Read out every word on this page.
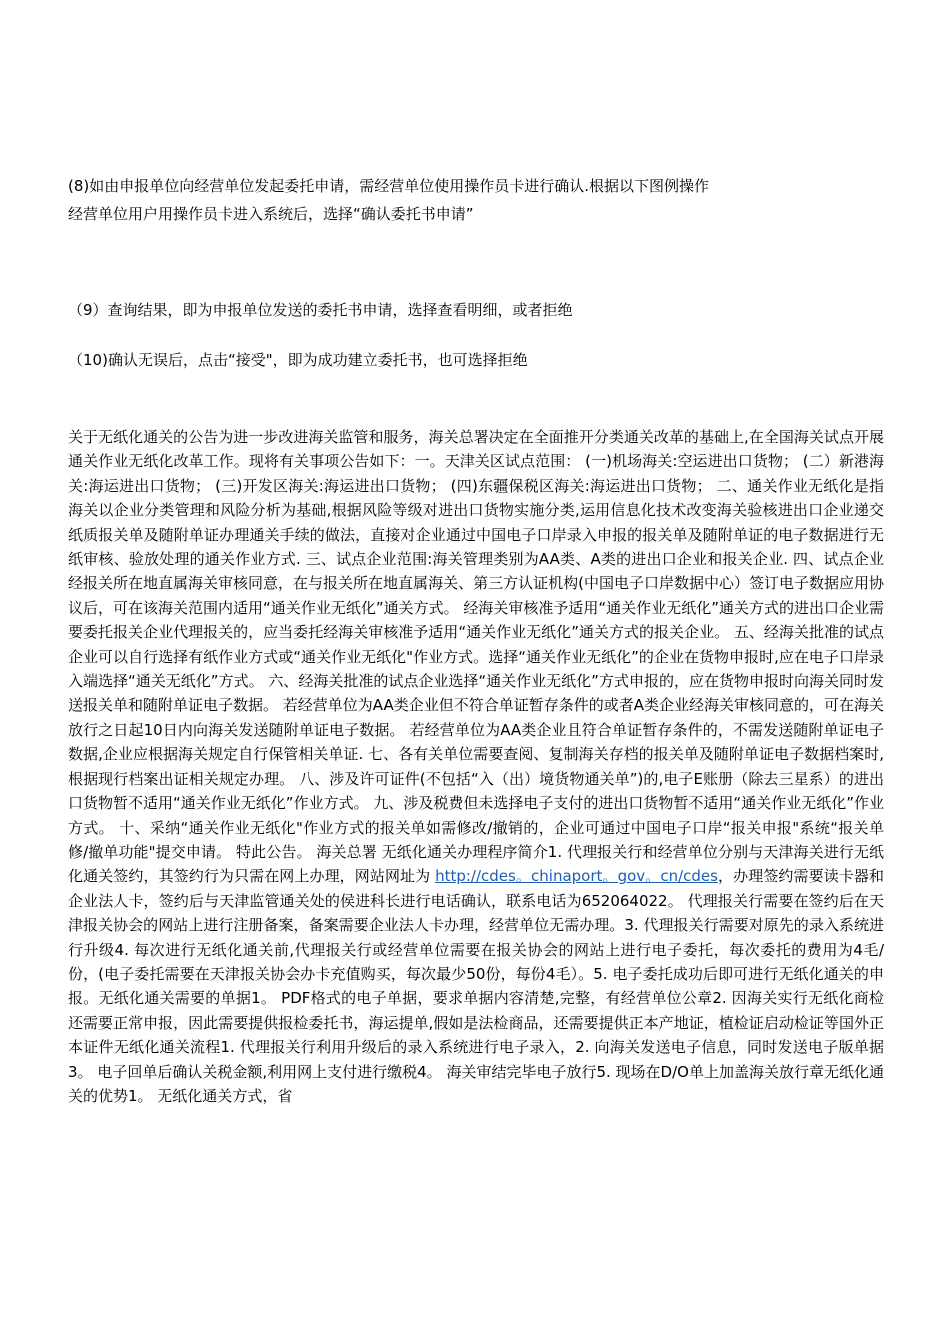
(8)如由申报单位向经营单位发起委托申请，需经营单位使用操作员卡进行确认.根据以下图例操作

经营单位用户用操作员卡进入系统后，选择“确认委托书申请”

（9）查询结果，即为申报单位发送的委托书申请，选择查看明细，或者拒绝

（10)确认无误后，点击“接受"，即为成功建立委托书，也可选择拒绝

关于无纸化通关的公告为进一步改进海关监管和服务，海关总署决定在全面推开分类通关改革的基础上,在全国海关试点开展通关作业无纸化改革工作。现将有关事项公告如下：一。天津关区试点范围： (一)机场海关:空运进出口货物； (二）新港海关:海运进出口货物； (三)开发区海关:海运进出口货物； (四)东疆保税区海关:海运进出口货物； 二、通关作业无纸化是指海关以企业分类管理和风险分析为基础,根据风险等级对进出口货物实施分类,运用信息化技术改变海关验核进出口企业递交纸质报关单及随附单证办理通关手续的做法，直接对企业通过中国电子口岸录入申报的报关单及随附单证的电子数据进行无纸审核、验放处理的通关作业方式. 三、试点企业范围:海关管理类别为AA类、A类的进出口企业和报关企业. 四、试点企业经报关所在地直属海关审核同意，在与报关所在地直属海关、第三方认证机构(中国电子口岸数据中心）签订电子数据应用协议后，可在该海关范围内适用“通关作业无纸化”通关方式。 经海关审核准予适用“通关作业无纸化”通关方式的进出口企业需要委托报关企业代理报关的，应当委托经海关审核准予适用“通关作业无纸化”通关方式的报关企业。 五、经海关批准的试点企业可以自行选择有纸作业方式或“通关作业无纸化"作业方式。选择“通关作业无纸化”的企业在货物申报时,应在电子口岸录入端选择“通关无纸化”方式。 六、经海关批准的试点企业选择“通关作业无纸化”方式申报的，应在货物申报时向海关同时发送报关单和随附单证电子数据。 若经营单位为AA类企业但不符合单证暂存条件的或者A类企业经海关审核同意的，可在海关放行之日起10日内向海关发送随附单证电子数据。 若经营单位为AA类企业且符合单证暂存条件的，不需发送随附单证电子数据,企业应根据海关规定自行保管相关单证. 七、各有关单位需要查阅、复制海关存档的报关单及随附单证电子数据档案时,根据现行档案出证相关规定办理。 八、涉及许可证件(不包括“入（出）境货物通关单”)的,电子E账册（除去三星系）的进出口货物暂不适用“通关作业无纸化”作业方式。 九、涉及税费但未选择电子支付的进出口货物暂不适用“通关作业无纸化”作业方式。 十、采纳“通关作业无纸化"作业方式的报关单如需修改/撤销的，企业可通过中国电子口岸“报关申报"系统“报关单修/撤单功能"提交申请。 特此公告。 海关总署 无纸化通关办理程序简介1. 代理报关行和经营单位分别与天津海关进行无纸化通关签约，其签约行为只需在网上办理，网站网址为 http://cdes。chinaport。gov。cn/cdes，办理签约需要读卡器和企业法人卡，签约后与天津监管通关处的侯进科长进行电话确认，联系电话为652064022。 代理报关行需要在签约后在天津报关协会的网站上进行注册备案，备案需要企业法人卡办理，经营单位无需办理。3. 代理报关行需要对原先的录入系统进行升级4. 每次进行无纸化通关前,代理报关行或经营单位需要在报关协会的网站上进行电子委托，每次委托的费用为4毛/份，(电子委托需要在天津报关协会办卡充值购买，每次最少50份，每份4毛）。5. 电子委托成功后即可进行无纸化通关的申报。无纸化通关需要的单据1。 PDF格式的电子单据，要求单据内容清楚,完整，有经营单位公章2. 因海关实行无纸化商检还需要正常申报，因此需要提供报检委托书，海运提单,假如是法检商品，还需要提供正本产地证，植检证启动检证等国外正本证件无纸化通关流程1. 代理报关行利用升级后的录入系统进行电子录入，2. 向海关发送电子信息，同时发送电子版单据3。 电子回单后确认关税金额,利用网上支付进行缴税4。 海关审结完毕电子放行5. 现场在D/O单上加盖海关放行章无纸化通关的优势1。 无纸化通关方式，省
